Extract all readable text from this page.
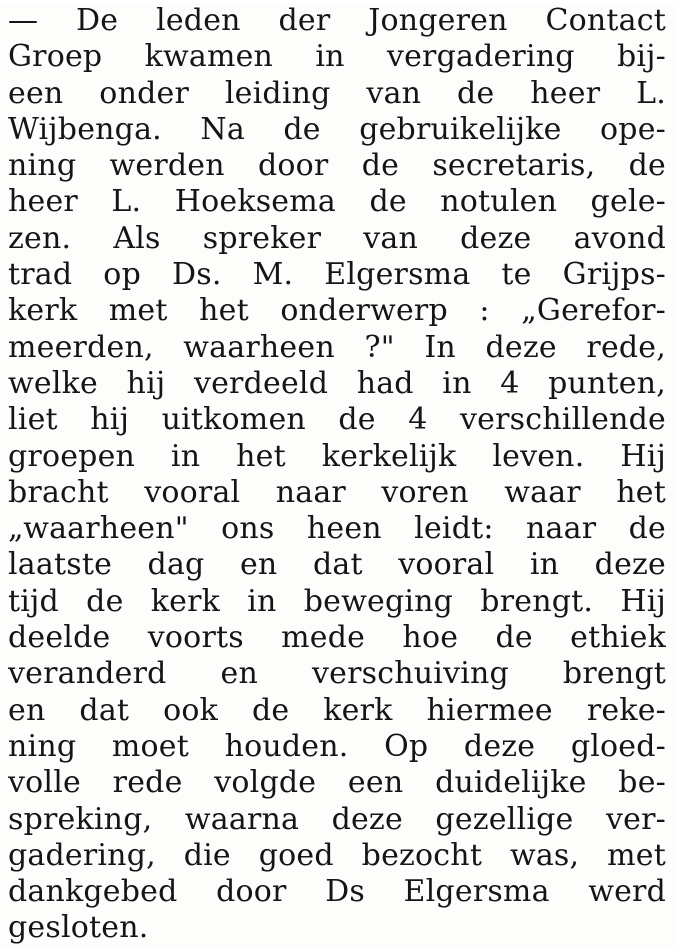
— De leden der Jongeren Contact
Groep kwamen in vergadering bij-
een onder leiding van de heer L.
Wijbenga. Na de gebruikelijke ope-
ning werden door de secretaris, de
heer L. Hoeksema de notulen gele-
zen. Als spreker van deze avond
trad op Ds. M. Elgersma te Grijps-
kerk met het onderwerp : „Gerefor-
meerden, waarheen ?" In deze rede,
welke hij verdeeld had in 4 punten,
liet hij uitkomen de 4 verschillende
groepen in het kerkelijk leven. Hij
bracht vooral naar voren waar het
„waarheen" ons heen leidt: naar de
laatste dag en dat vooral in deze
tijd de kerk in beweging brengt. Hij
deelde voorts mede hoe de ethiek
veranderd en verschuiving brengt
en dat ook de kerk hiermee reke-
ning moet houden. Op deze gloed-
volle rede volgde een duidelijke be-
spreking, waarna deze gezellige ver-
gadering, die goed bezocht was, met
dankgebed door Ds Elgersma werd
gesloten.
